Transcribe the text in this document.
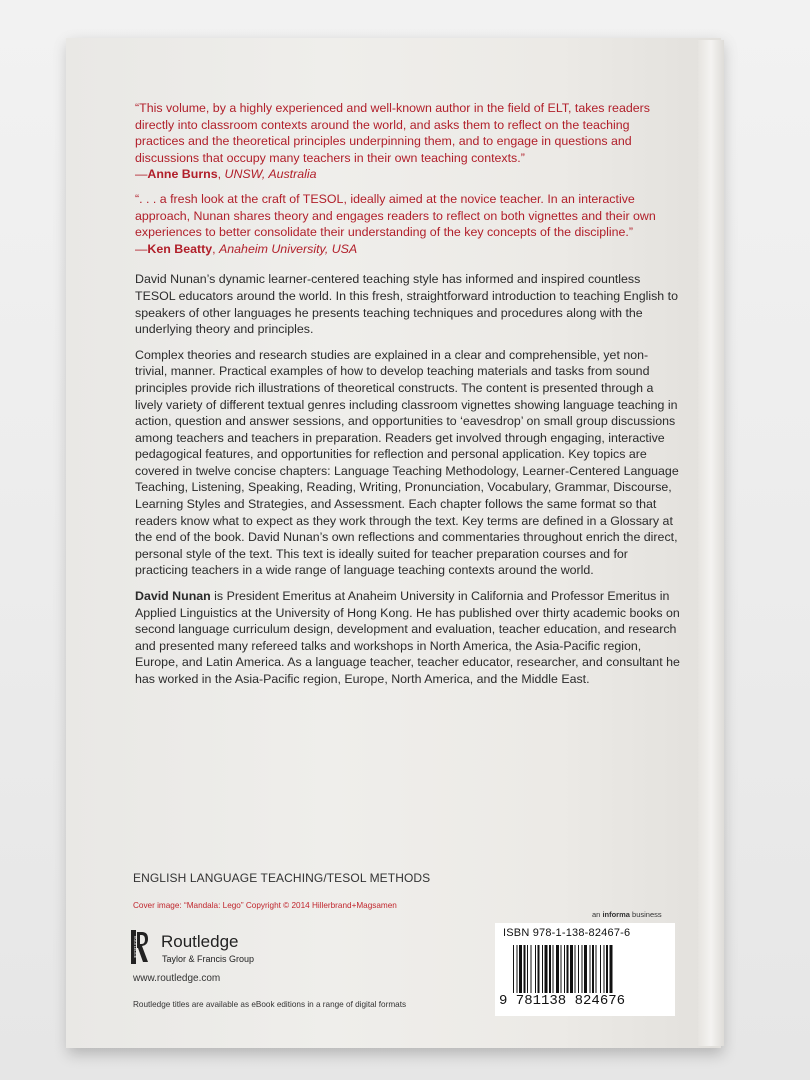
“This volume, by a highly experienced and well-known author in the field of ELT, takes readers directly into classroom contexts around the world, and asks them to reflect on the teaching practices and the theoretical principles underpinning them, and to engage in questions and discussions that occupy many teachers in their own teaching contexts.”

—Anne Burns, UNSW, Australia

“. . . a fresh look at the craft of TESOL, ideally aimed at the novice teacher. In an interactive approach, Nunan shares theory and engages readers to reflect on both vignettes and their own experiences to better consolidate their understanding of the key concepts of the discipline.”

—Ken Beatty, Anaheim University, USA

David Nunan’s dynamic learner-centered teaching style has informed and inspired countless TESOL educators around the world. In this fresh, straightforward introduction to teaching English to speakers of other languages he presents teaching techniques and procedures along with the underlying theory and principles.

Complex theories and research studies are explained in a clear and comprehensible, yet non-trivial, manner. Practical examples of how to develop teaching materials and tasks from sound principles provide rich illustrations of theoretical constructs. The content is presented through a lively variety of different textual genres including classroom vignettes showing language teaching in action, question and answer sessions, and opportunities to ‘eavesdrop’ on small group discussions among teachers and teachers in preparation. Readers get involved through engaging, interactive pedagogical features, and opportunities for reflection and personal application. Key topics are covered in twelve concise chapters: Language Teaching Methodology, Learner-Centered Language Teaching, Listening, Speaking, Reading, Writing, Pronunciation, Vocabulary, Grammar, Discourse, Learning Styles and Strategies, and Assessment. Each chapter follows the same format so that readers know what to expect as they work through the text. Key terms are defined in a Glossary at the end of the book. David Nunan’s own reflections and commentaries throughout enrich the direct, personal style of the text. This text is ideally suited for teacher preparation courses and for practicing teachers in a wide range of language teaching contexts around the world.

David Nunan is President Emeritus at Anaheim University in California and Professor Emeritus in Applied Linguistics at the University of Hong Kong. He has published over thirty academic books on second language curriculum design, development and evaluation, teacher education, and research and presented many refereed talks and workshops in North America, the Asia-Pacific region, Europe, and Latin America. As a language teacher, teacher educator, researcher, and consultant he has worked in the Asia-Pacific region, Europe, North America, and the Middle East.

ENGLISH LANGUAGE TEACHING/TESOL METHODS
Cover image: “Mandala: Lego” Copyright © 2014 Hillerbrand+Magsamen
an informa business
ROUTLEDGE Routledge
Taylor & Francis Group
www.routledge.com
Routledge titles are available as eBook editions in a range of digital formats
ISBN 978-1-138-82467-6
9 781138 824676
